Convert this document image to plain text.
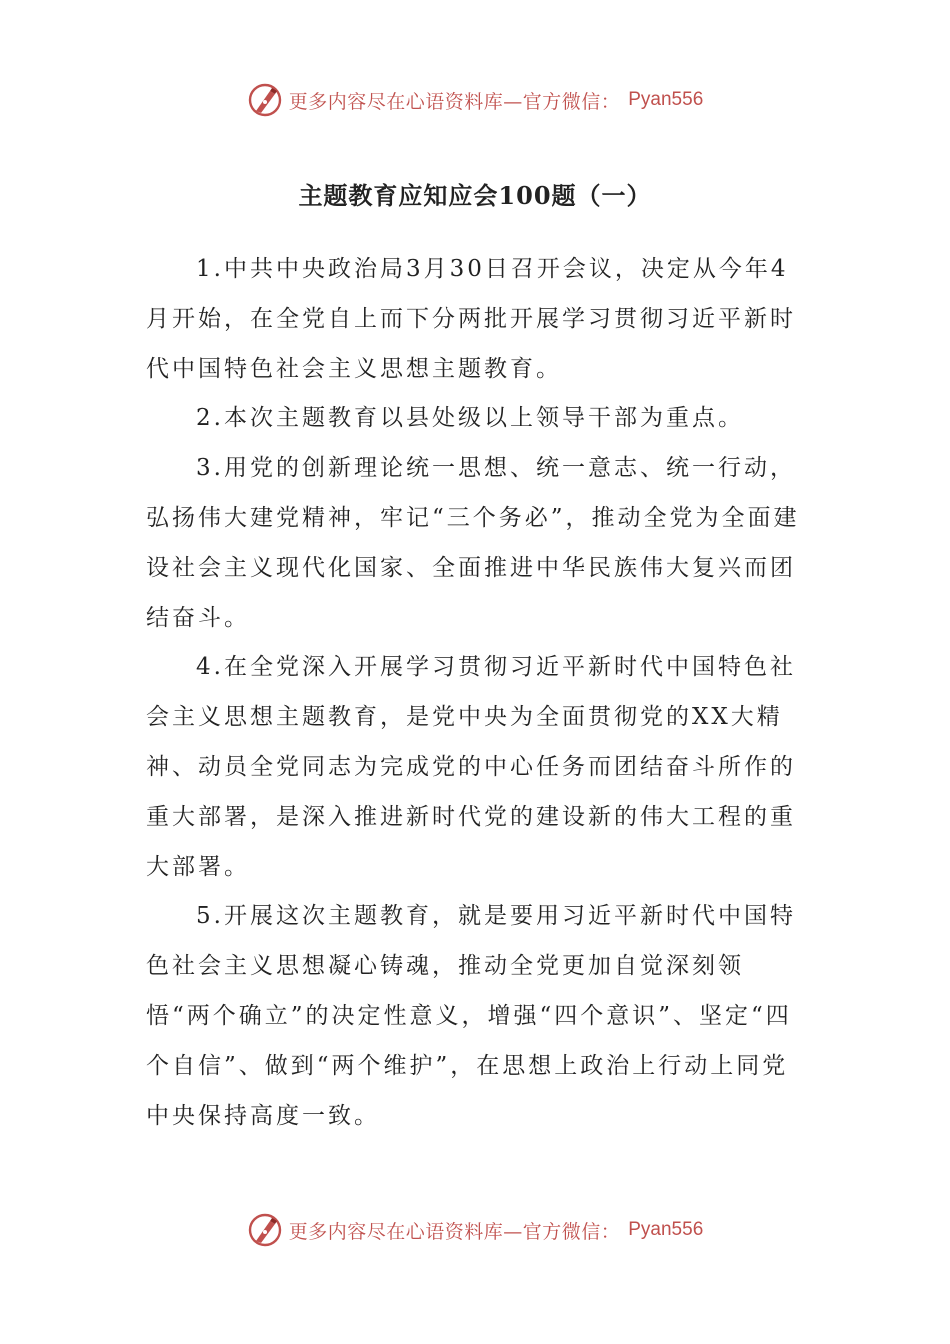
更多内容尽在心语资料库—官方微信： Pyan556
主题教育应知应会100题（一）

1.中共中央政治局3月30日召开会议，决定从今年4月开始，在全党自上而下分两批开展学习贯彻习近平新时代中国特色社会主义思想主题教育。

2.本次主题教育以县处级以上领导干部为重点。

3.用党的创新理论统一思想、统一意志、统一行动，弘扬伟大建党精神，牢记“三个务必”，推动全党为全面建设社会主义现代化国家、全面推进中华民族伟大复兴而团结奋斗。

4.在全党深入开展学习贯彻习近平新时代中国特色社会主义思想主题教育，是党中央为全面贯彻党的XX大精神、动员全党同志为完成党的中心任务而团结奋斗所作的重大部署，是深入推进新时代党的建设新的伟大工程的重大部署。

5.开展这次主题教育，就是要用习近平新时代中国特色社会主义思想凝心铸魂，推动全党更加自觉深刻领悟“两个确立”的决定性意义，增强“四个意识”、坚定“四个自信”、做到“两个维护”，在思想上政治上行动上同党中央保持高度一致。

更多内容尽在心语资料库—官方微信： Pyan556
